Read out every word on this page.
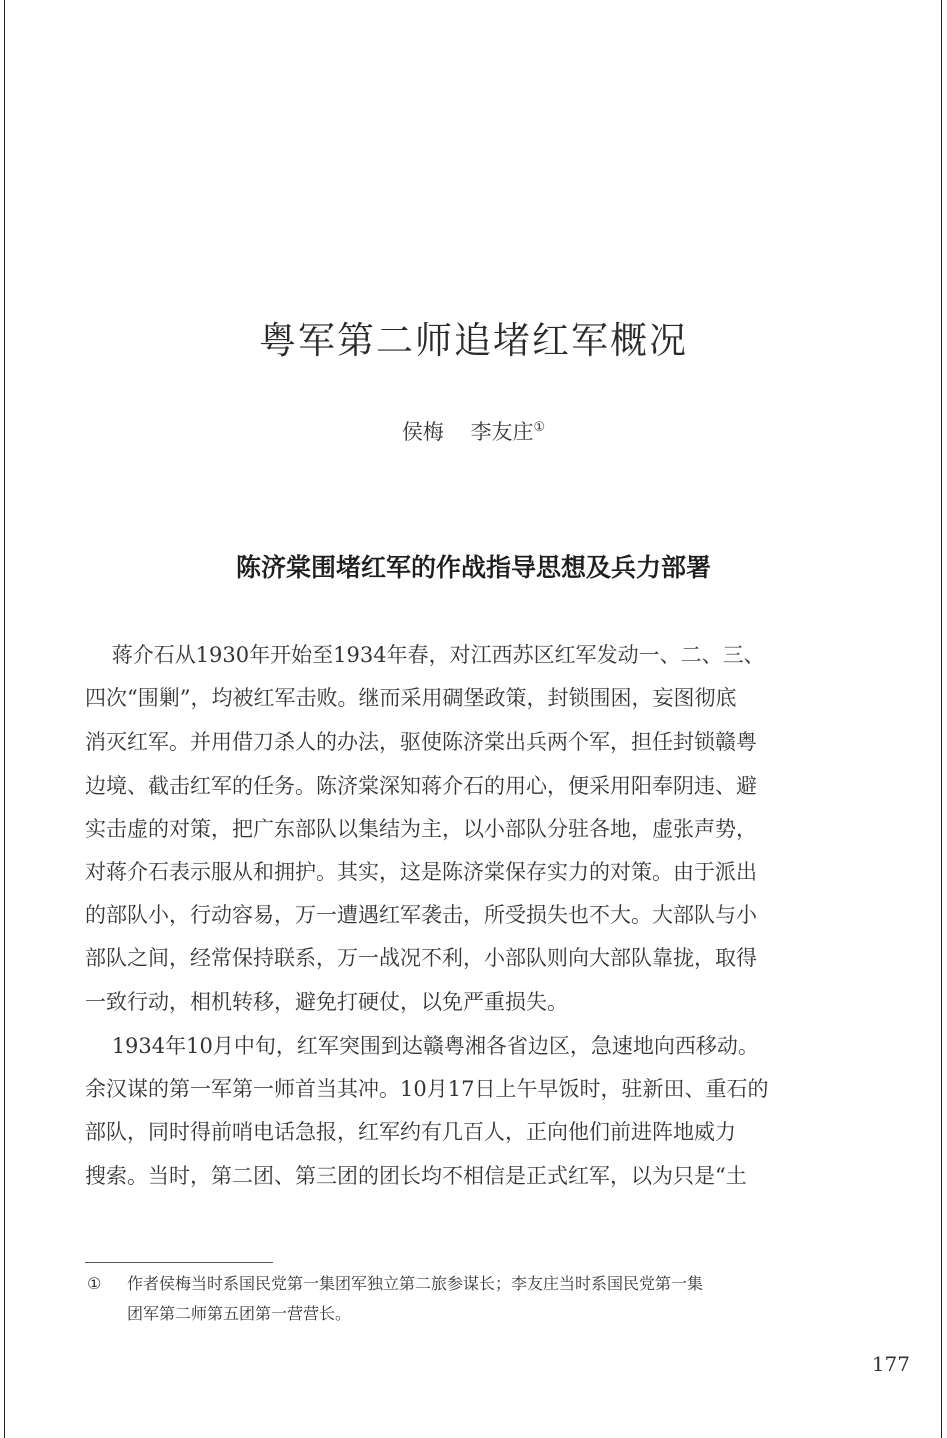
粤军第二师追堵红军概况
侯梅    李友庄①
陈济棠围堵红军的作战指导思想及兵力部署
蒋介石从1930年开始至1934年春，对江西苏区红军发动一、二、三、
四次“围剿”，均被红军击败。继而采用碉堡政策，封锁围困，妄图彻底
消灭红军。并用借刀杀人的办法，驱使陈济棠出兵两个军，担任封锁赣粤
边境、截击红军的任务。陈济棠深知蒋介石的用心，便采用阳奉阴违、避
实击虚的对策，把广东部队以集结为主，以小部队分驻各地，虚张声势，
对蒋介石表示服从和拥护。其实，这是陈济棠保存实力的对策。由于派出
的部队小，行动容易，万一遭遇红军袭击，所受损失也不大。大部队与小
部队之间，经常保持联系，万一战况不利，小部队则向大部队靠拢，取得
一致行动，相机转移，避免打硬仗，以免严重损失。
1934年10月中旬，红军突围到达赣粤湘各省边区，急速地向西移动。
余汉谋的第一军第一师首当其冲。10月17日上午早饭时，驻新田、重石的
部队，同时得前哨电话急报，红军约有几百人，正向他们前进阵地威力
搜索。当时，第二团、第三团的团长均不相信是正式红军，以为只是“土
① 作者侯梅当时系国民党第一集团军独立第二旅参谋长；李友庄当时系国民党第一集
团军第二师第五团第一营营长。
177
